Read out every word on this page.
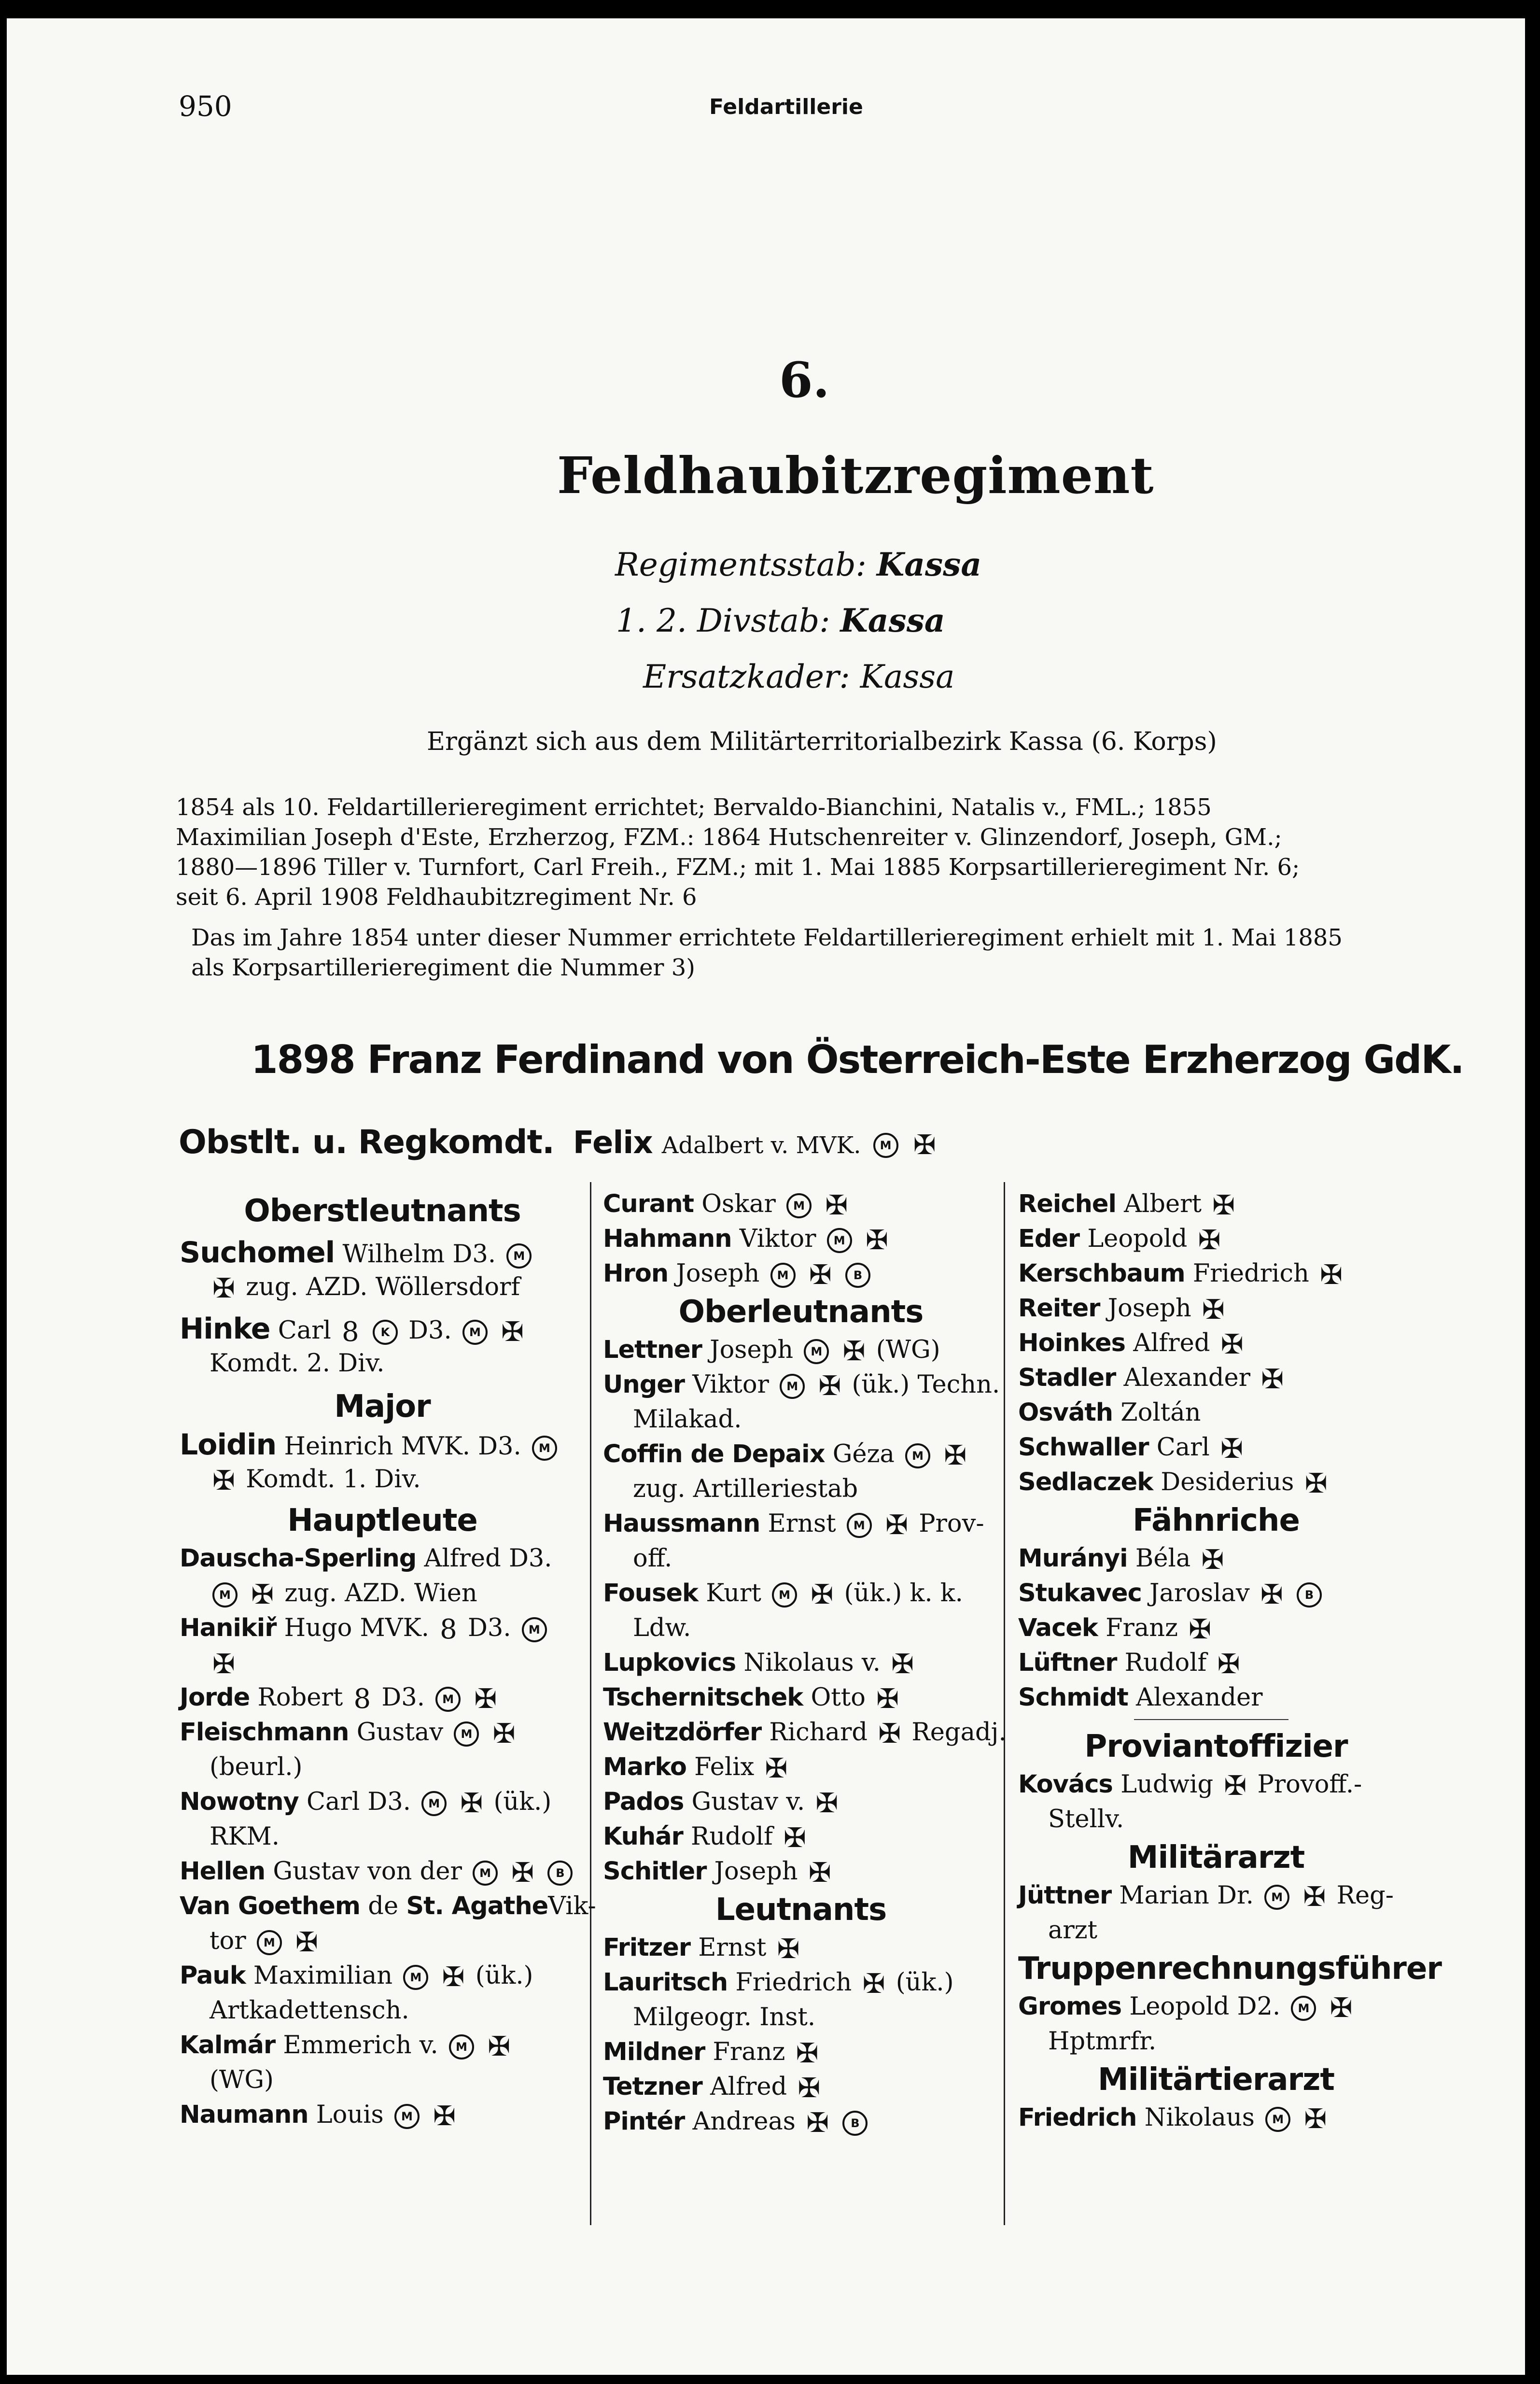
950	Feldartillerie
6.
Feldhaubitzregiment
Regimentsstab: Kassa
1. 2. Divstab: Kassa
Ersatzkader: Kassa
Ergänzt sich aus dem Militärterritorialbezirk Kassa (6. Korps)
1854 als 10. Feldartillerieregiment errichtet; Bervaldo-Bianchini, Natalis v., FML.; 1855
Maximilian Joseph d'Este, Erzherzog, FZM.: 1864 Hutschenreiter v. Glinzendorf, Joseph, GM.;
1880—1896 Tiller v. Turnfort, Carl Freih., FZM.; mit 1. Mai 1885 Korpsartillerieregiment Nr. 6;
seit 6. April 1908 Feldhaubitzregiment Nr. 6
Das im Jahre 1854 unter dieser Nummer errichtete Feldartillerieregiment erhielt mit 1. Mai 1885
als Korpsartillerieregiment die Nummer 3)
1898 Franz Ferdinand von Österreich-Este Erzherzog GdK.
Obstlt. u. Regkomdt. Felix Adalbert v. MVK. M ✠
Oberstleutnants
Suchomel Wilhelm D3. M
✠ zug. AZD. Wöllersdorf
Hinke Carl 8 K D3. M ✠
Komdt. 2. Div.
Major
Loidin Heinrich MVK. D3. M
✠ Komdt. 1. Div.
Hauptleute
Dauscha-Sperling Alfred D3.
M ✠ zug. AZD. Wien
Hanikiř Hugo MVK. 8 D3. M
✠
Jorde Robert 8 D3. M ✠
Fleischmann Gustav M ✠
(beurl.)
Nowotny Carl D3. M ✠ (ük.)
RKM.
Hellen Gustav von der M ✠ B
Van Goethem de St. AgatheVik-
tor M ✠
Pauk Maximilian M ✠ (ük.)
Artkadettensch.
Kalmár Emmerich v. M ✠
(WG)
Naumann Louis M ✠
Curant Oskar M ✠
Hahmann Viktor M ✠
Hron Joseph M ✠ B
Oberleutnants
Lettner Joseph M ✠ (WG)
Unger Viktor M ✠ (ük.) Techn.
Milakad.
Coffin de Depaix Géza M ✠
zug. Artilleriestab
Haussmann Ernst M ✠ Prov-
off.
Fousek Kurt M ✠ (ük.) k. k.
Ldw.
Lupkovics Nikolaus v. ✠
Tschernitschek Otto ✠
Weitzdörfer Richard ✠ Regadj.
Marko Felix ✠
Pados Gustav v. ✠
Kuhár Rudolf ✠
Schitler Joseph ✠
Leutnants
Fritzer Ernst ✠
Lauritsch Friedrich ✠ (ük.)
Milgeogr. Inst.
Mildner Franz ✠
Tetzner Alfred ✠
Pintér Andreas ✠ B
Reichel Albert ✠
Eder Leopold ✠
Kerschbaum Friedrich ✠
Reiter Joseph ✠
Hoinkes Alfred ✠
Stadler Alexander ✠
Osváth Zoltán
Schwaller Carl ✠
Sedlaczek Desiderius ✠
Fähnriche
Murányi Béla ✠
Stukavec Jaroslav ✠ B
Vacek Franz ✠
Lüftner Rudolf ✠
Schmidt Alexander
Proviantoffizier
Kovács Ludwig ✠ Provoff.-
Stellv.
Militärarzt
Jüttner Marian Dr. M ✠ Reg-
arzt
Truppenrechnungsführer
Gromes Leopold D2. M ✠
Hptmrfr.
Militärtierarzt
Friedrich Nikolaus M ✠
